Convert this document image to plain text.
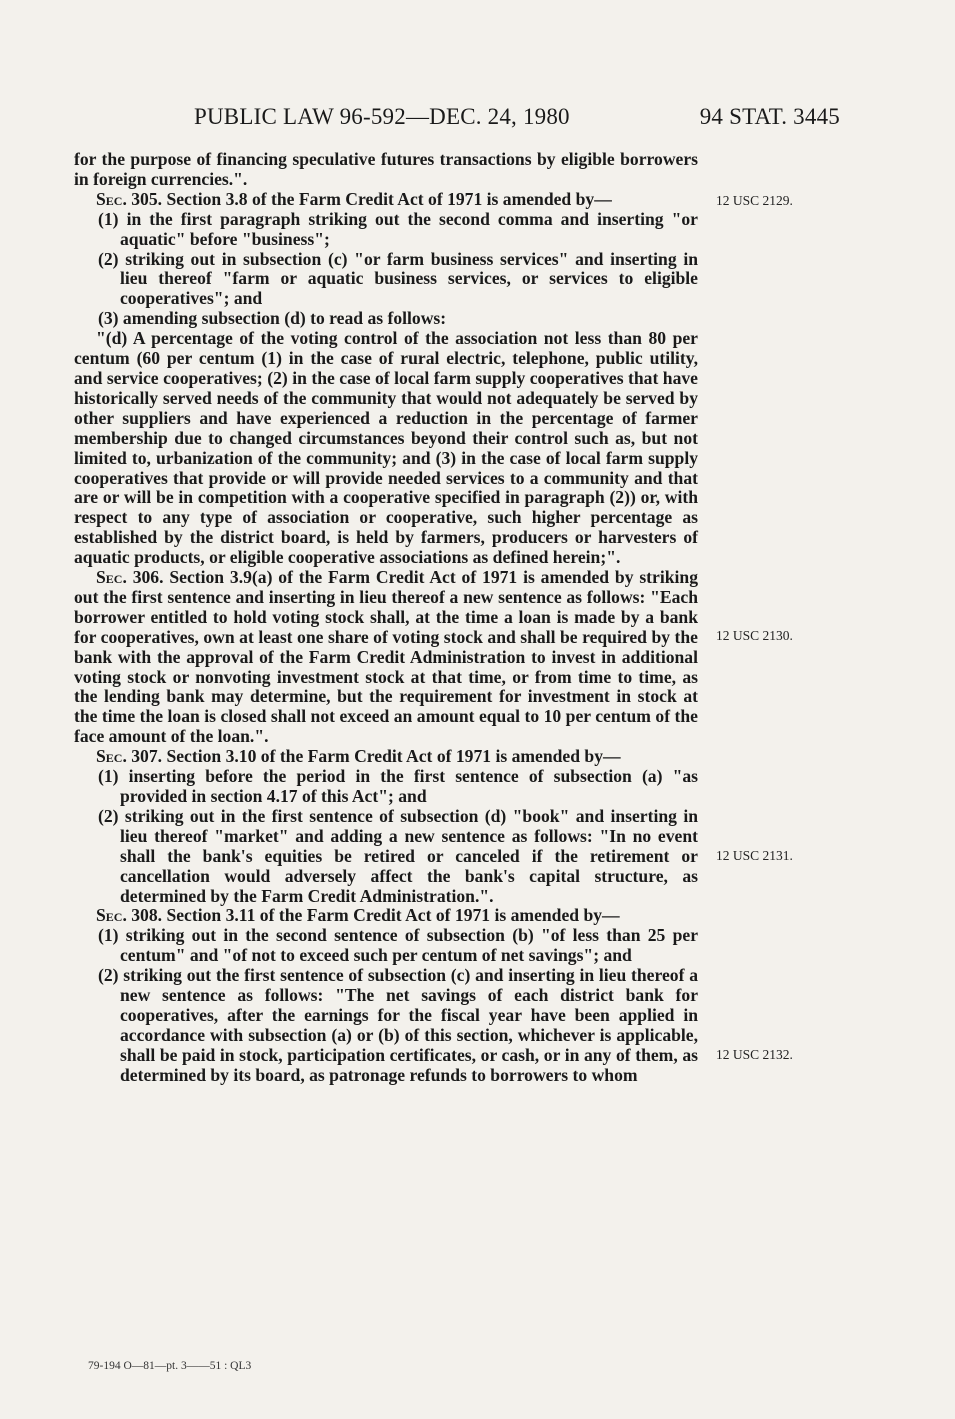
PUBLIC LAW 96-592—DEC. 24, 1980	94 STAT. 3445

for the purpose of financing speculative futures transactions by eligible borrowers in foreign currencies.".

Sec. 305. Section 3.8 of the Farm Credit Act of 1971 is amended by—

(1) in the first paragraph striking out the second comma and inserting "or aquatic" before "business";

(2) striking out in subsection (c) "or farm business services" and inserting in lieu thereof "farm or aquatic business services, or services to eligible cooperatives"; and

(3) amending subsection (d) to read as follows:

"(d) A percentage of the voting control of the association not less than 80 per centum (60 per centum (1) in the case of rural electric, telephone, public utility, and service cooperatives; (2) in the case of local farm supply cooperatives that have historically served needs of the community that would not adequately be served by other suppliers and have experienced a reduction in the percentage of farmer membership due to changed circumstances beyond their control such as, but not limited to, urbanization of the community; and (3) in the case of local farm supply cooperatives that provide or will provide needed services to a community and that are or will be in competition with a cooperative specified in paragraph (2)) or, with respect to any type of association or cooperative, such higher percentage as established by the district board, is held by farmers, producers or harvesters of aquatic products, or eligible cooperative associations as defined herein;".

Sec. 306. Section 3.9(a) of the Farm Credit Act of 1971 is amended by striking out the first sentence and inserting in lieu thereof a new sentence as follows: "Each borrower entitled to hold voting stock shall, at the time a loan is made by a bank for cooperatives, own at least one share of voting stock and shall be required by the bank with the approval of the Farm Credit Administration to invest in additional voting stock or nonvoting investment stock at that time, or from time to time, as the lending bank may determine, but the requirement for investment in stock at the time the loan is closed shall not exceed an amount equal to 10 per centum of the face amount of the loan.".

Sec. 307. Section 3.10 of the Farm Credit Act of 1971 is amended by—

(1) inserting before the period in the first sentence of subsection (a) "as provided in section 4.17 of this Act"; and

(2) striking out in the first sentence of subsection (d) "book" and inserting in lieu thereof "market" and adding a new sentence as follows: "In no event shall the bank's equities be retired or canceled if the retirement or cancellation would adversely affect the bank's capital structure, as determined by the Farm Credit Administration.".

Sec. 308. Section 3.11 of the Farm Credit Act of 1971 is amended by—

(1) striking out in the second sentence of subsection (b) "of less than 25 per centum" and "of not to exceed such per centum of net savings"; and

(2) striking out the first sentence of subsection (c) and inserting in lieu thereof a new sentence as follows: "The net savings of each district bank for cooperatives, after the earnings for the fiscal year have been applied in accordance with subsection (a) or (b) of this section, whichever is applicable, shall be paid in stock, participation certificates, or cash, or in any of them, as determined by its board, as patronage refunds to borrowers to whom

12 USC 2129.
12 USC 2130.
12 USC 2131.
12 USC 2132.
79-194 O—81—pt. 3——51 : QL3
